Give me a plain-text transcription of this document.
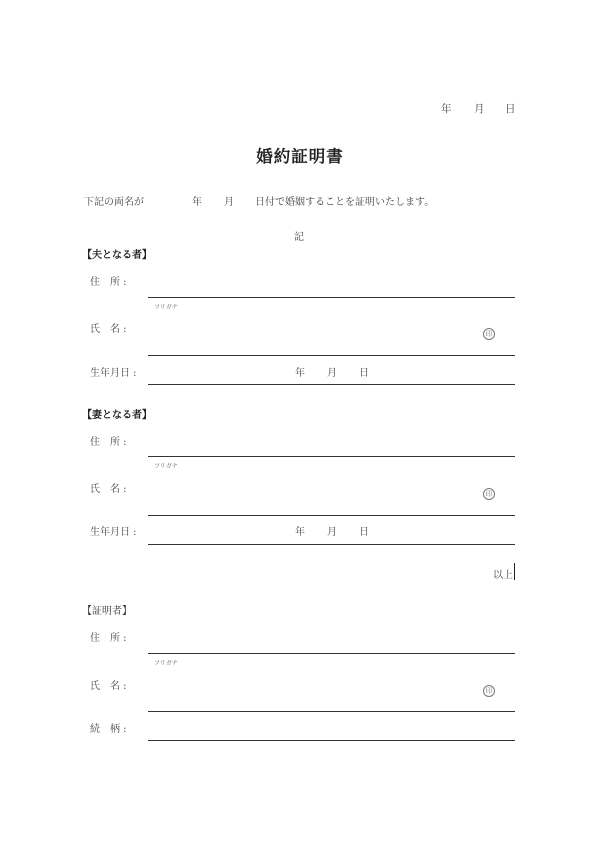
年 月 日
婚約証明書
下記の両名が	年 月 日付で婚姻することを証明いたします。
記
【夫となる者】
住　所 :
フリガナ
氏　名 :	印
生年月日 :	年 月 日
【妻となる者】
住　所 :
フリガナ
氏　名 :	印
生年月日 :	年 月 日
以上
【証明者】
住　所 :
フリガナ
氏　名 :	印
続　柄 :
